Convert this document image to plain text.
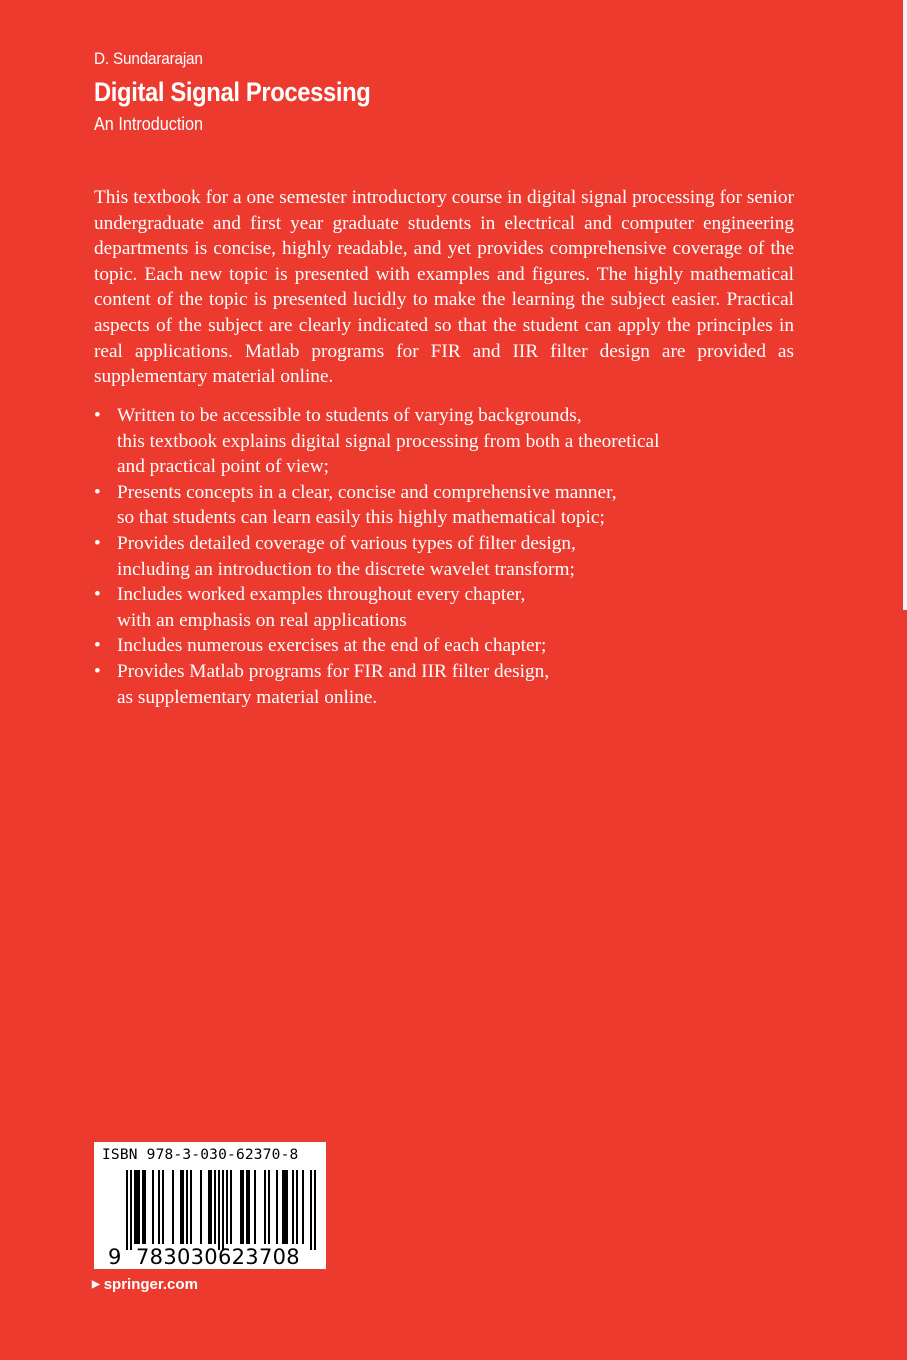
D. Sundararajan
Digital Signal Processing
An Introduction

This textbook for a one semester introductory course in digital signal processing for senior undergraduate and first year graduate students in electrical and computer engineering departments is concise, highly readable, and yet provides comprehensive coverage of the topic. Each new topic is presented with examples and figures. The highly mathematical content of the topic is presented lucidly to make the learning the subject easier. Practical aspects of the subject are clearly indicated so that the student can apply the principles in real applications. Matlab programs for FIR and IIR filter design are provided as supplementary material online.

• Written to be accessible to students of varying backgrounds,
this textbook explains digital signal processing from both a theoretical
and practical point of view;
• Presents concepts in a clear, concise and comprehensive manner,
so that students can learn easily this highly mathematical topic;
• Provides detailed coverage of various types of filter design,
including an introduction to the discrete wavelet transform;
• Includes worked examples throughout every chapter,
with an emphasis on real applications
• Includes numerous exercises at the end of each chapter;
• Provides Matlab programs for FIR and IIR filter design,
as supplementary material online.
ISBN 978-3-030-62370-8
9 783030623708
▶ springer.com
